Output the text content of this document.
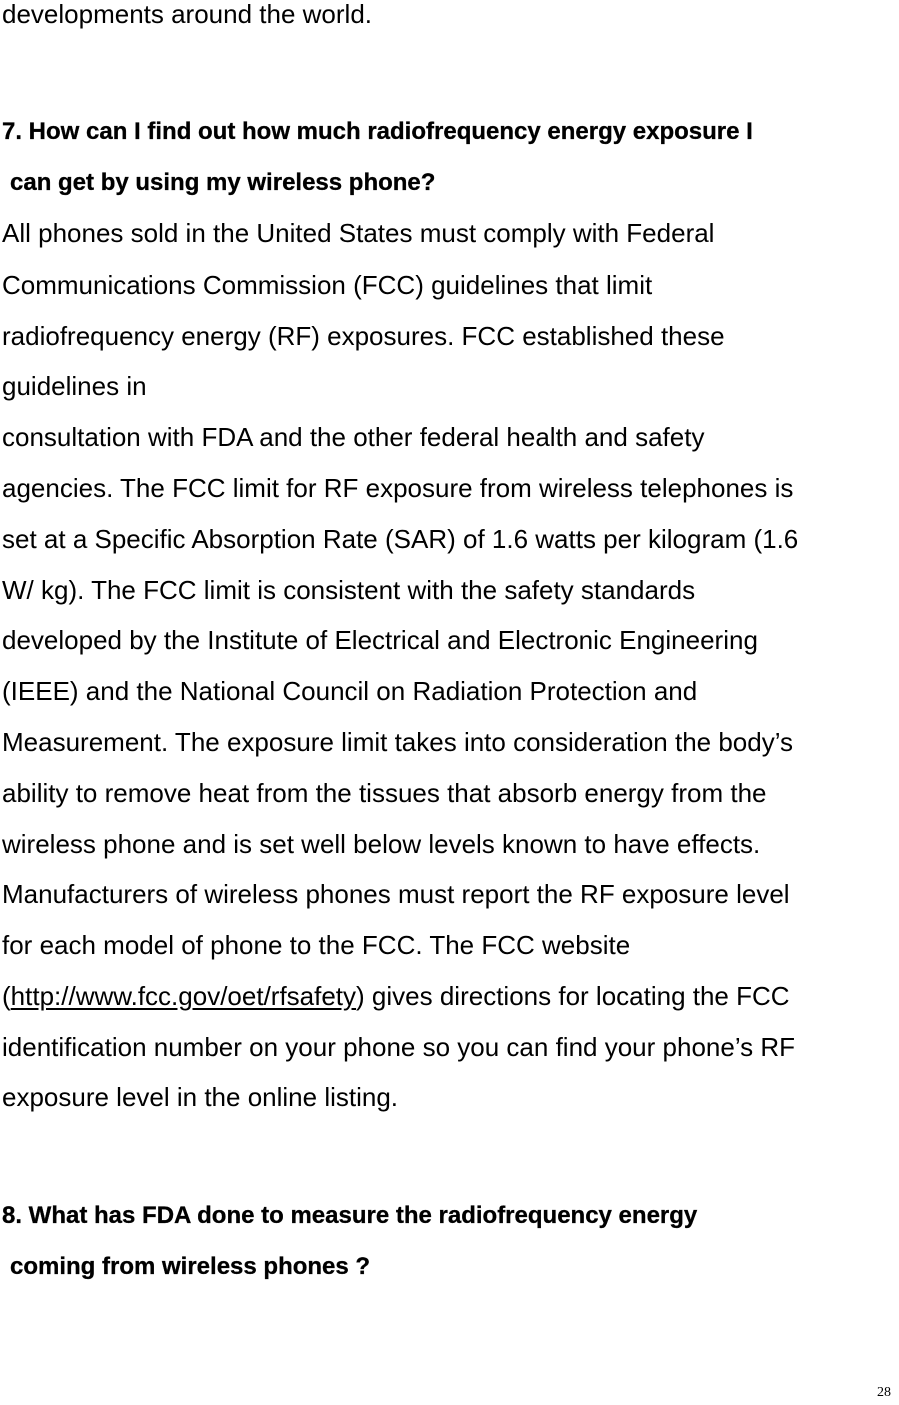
developments around the world.
7. How can I find out how much radiofrequency energy exposure I
can get by using my wireless phone?
All phones sold in the United States must comply with Federal
Communications Commission (FCC) guidelines that limit
radiofrequency energy (RF) exposures. FCC established these
guidelines in
consultation with FDA and the other federal health and safety
agencies. The FCC limit for RF exposure from wireless telephones is
set at a Specific Absorption Rate (SAR) of 1.6 watts per kilogram (1.6
W/ kg). The FCC limit is consistent with the safety standards
developed by the Institute of Electrical and Electronic Engineering
(IEEE) and the National Council on Radiation Protection and
Measurement. The exposure limit takes into consideration the body’s
ability to remove heat from the tissues that absorb energy from the
wireless phone and is set well below levels known to have effects.
Manufacturers of wireless phones must report the RF exposure level
for each model of phone to the FCC. The FCC website
(http://www.fcc.gov/oet/rfsafety) gives directions for locating the FCC
identification number on your phone so you can find your phone’s RF
exposure level in the online listing.
8. What has FDA done to measure the radiofrequency energy
coming from wireless phones ?
28
